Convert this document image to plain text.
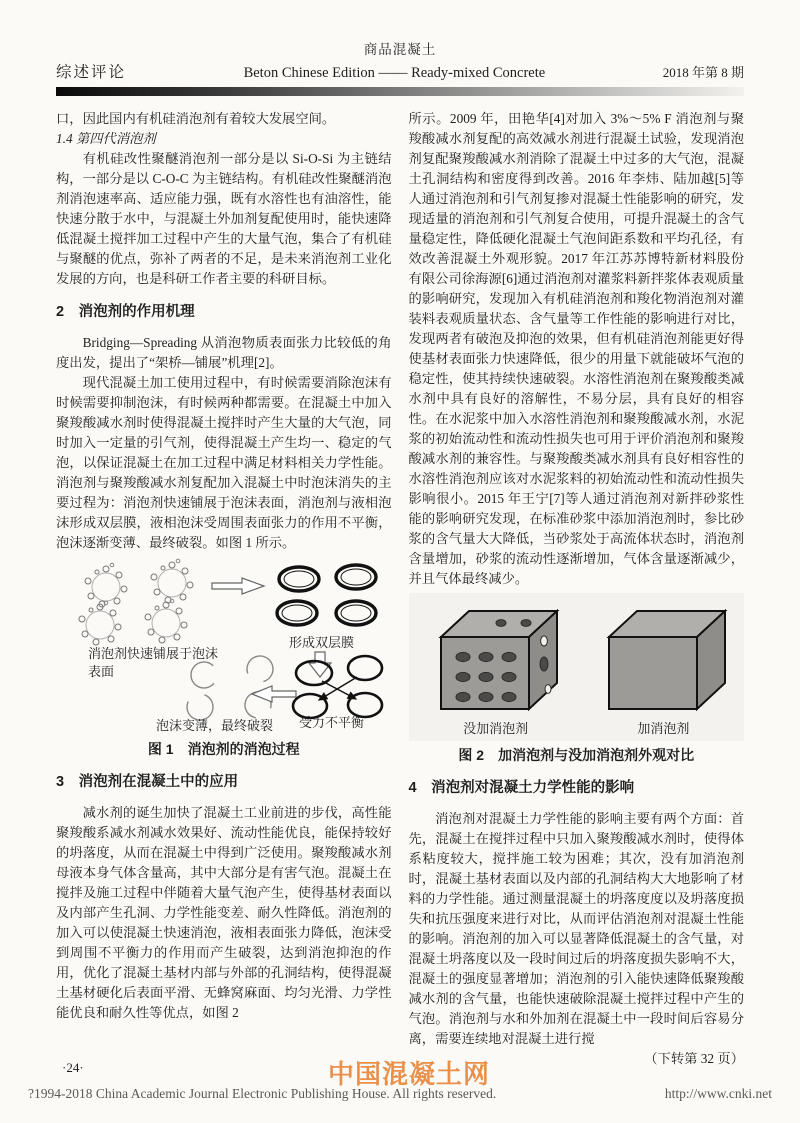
商品混凝土
综述评论	Beton Chinese Edition —— Ready-mixed Concrete	2018 年第 8 期

口，因此国内有机硅消泡剂有着较大发展空间。

1.4 第四代消泡剂

有机硅改性聚醚消泡剂一部分是以 Si-O-Si 为主链结构，一部分是以 C-O-C 为主链结构。有机硅改性聚醚消泡剂消泡速率高、适应能力强，既有水溶性也有油溶性，能快速分散于水中，与混凝土外加剂复配使用时，能快速降低混凝土搅拌加工过程中产生的大量气泡，集合了有机硅与聚醚的优点，弥补了两者的不足，是未来消泡剂工业化发展的方向，也是科研工作者主要的科研目标。

2　消泡剂的作用机理

Bridging—Spreading 从消泡物质表面张力比较低的角度出发，提出了“架桥—铺展”机理[2]。

现代混凝土加工使用过程中，有时候需要消除泡沫有时候需要抑制泡沫，有时候两种都需要。在混凝土中加入聚羧酸减水剂时使得混凝土搅拌时产生大量的大气泡，同时加入一定量的引气剂，使得混凝土产生均一、稳定的气泡，以保证混凝土在加工过程中满足材料相关力学性能。消泡剂与聚羧酸减水剂复配加入混凝土中时泡沫消失的主要过程为：消泡剂快速铺展于泡沫表面，消泡剂与液相泡沫形成双层膜，液相泡沫受周围表面张力的作用不平衡，泡沫逐渐变薄、最终破裂。如图 1 所示。

形成双层膜
消泡剂快速铺展于泡沫
表面
泡沫变薄，最终破裂 受力不平衡
图 1　消泡剂的消泡过程
3　消泡剂在混凝土中的应用

减水剂的诞生加快了混凝土工业前进的步伐，高性能聚羧酸系减水剂减水效果好、流动性能优良，能保持较好的坍落度，从而在混凝土中得到广泛使用。聚羧酸减水剂母液本身气体含量高，其中大部分是有害气泡。混凝土在搅拌及施工过程中伴随着大量气泡产生，使得基材表面以及内部产生孔洞、力学性能变差、耐久性降低。消泡剂的加入可以使混凝土快速消泡，液相表面张力降低，泡沫受到周围不平衡力的作用而产生破裂，达到消泡抑泡的作用，优化了混凝土基材内部与外部的孔洞结构，使得混凝土基材硬化后表面平滑、无蜂窝麻面、均匀光滑、力学性能优良和耐久性等优点，如图 2

所示。2009 年，田艳华[4]对加入 3%～5% F 消泡剂与聚羧酸减水剂复配的高效减水剂进行混凝土试验，发现消泡剂复配聚羧酸减水剂消除了混凝土中过多的大气泡，混凝土孔洞结构和密度得到改善。2016 年李炜、陆加越[5]等人通过消泡剂和引气剂复掺对混凝土性能影响的研究，发现适量的消泡剂和引气剂复合使用，可提升混凝土的含气量稳定性，降低硬化混凝土气泡间距系数和平均孔径，有效改善混凝土外观形貌。2017 年江苏苏博特新材料股份有限公司徐海源[6]通过消泡剂对灌浆料新拌浆体表观质量的影响研究，发现加入有机硅消泡剂和羧化物消泡剂对灌装料表观质量状态、含气量等工作性能的影响进行对比，发现两者有破泡及抑泡的效果，但有机硅消泡剂能更好得使基材表面张力快速降低，很少的用量下就能破坏气泡的稳定性，使其持续快速破裂。水溶性消泡剂在聚羧酸类减水剂中具有良好的溶解性，不易分层，具有良好的相容性。在水泥浆中加入水溶性消泡剂和聚羧酸减水剂，水泥浆的初始流动性和流动性损失也可用于评价消泡剂和聚羧酸减水剂的兼容性。与聚羧酸类减水剂具有良好相容性的水溶性消泡剂应该对水泥浆料的初始流动性和流动性损失影响很小。2015 年王宁[7]等人通过消泡剂对新拌砂浆性能的影响研究发现，在标准砂浆中添加消泡剂时，参比砂浆的含气量大大降低，当砂浆处于高流体状态时，消泡剂含量增加，砂浆的流动性逐渐增加，气体含量逐渐减少，并且气体最终减少。

没加消泡剂	加消泡剂
图 2　加消泡剂与没加消泡剂外观对比
4　消泡剂对混凝土力学性能的影响

消泡剂对混凝土力学性能的影响主要有两个方面：首先，混凝土在搅拌过程中只加入聚羧酸减水剂时，使得体系粘度较大，搅拌施工较为困难；其次，没有加消泡剂时，混凝土基材表面以及内部的孔洞结构大大地影响了材料的力学性能。通过测量混凝土的坍落度度以及坍落度损失和抗压强度来进行对比，从而评估消泡剂对混凝土性能的影响。消泡剂的加入可以显著降低混凝土的含气量，对混凝土坍落度以及一段时间过后的坍落度损失影响不大，混凝土的强度显著增加；消泡剂的引入能快速降低聚羧酸减水剂的含气量，也能快速破除混凝土搅拌过程中产生的气泡。消泡剂与水和外加剂在混凝土中一段时间后容易分离，需要连续地对混凝土进行搅

（下转第 32 页）

·24·	中国混凝土网
?1994-2018 China Academic Journal Electronic Publishing House. All rights reserved.	http://www.cnki.net
